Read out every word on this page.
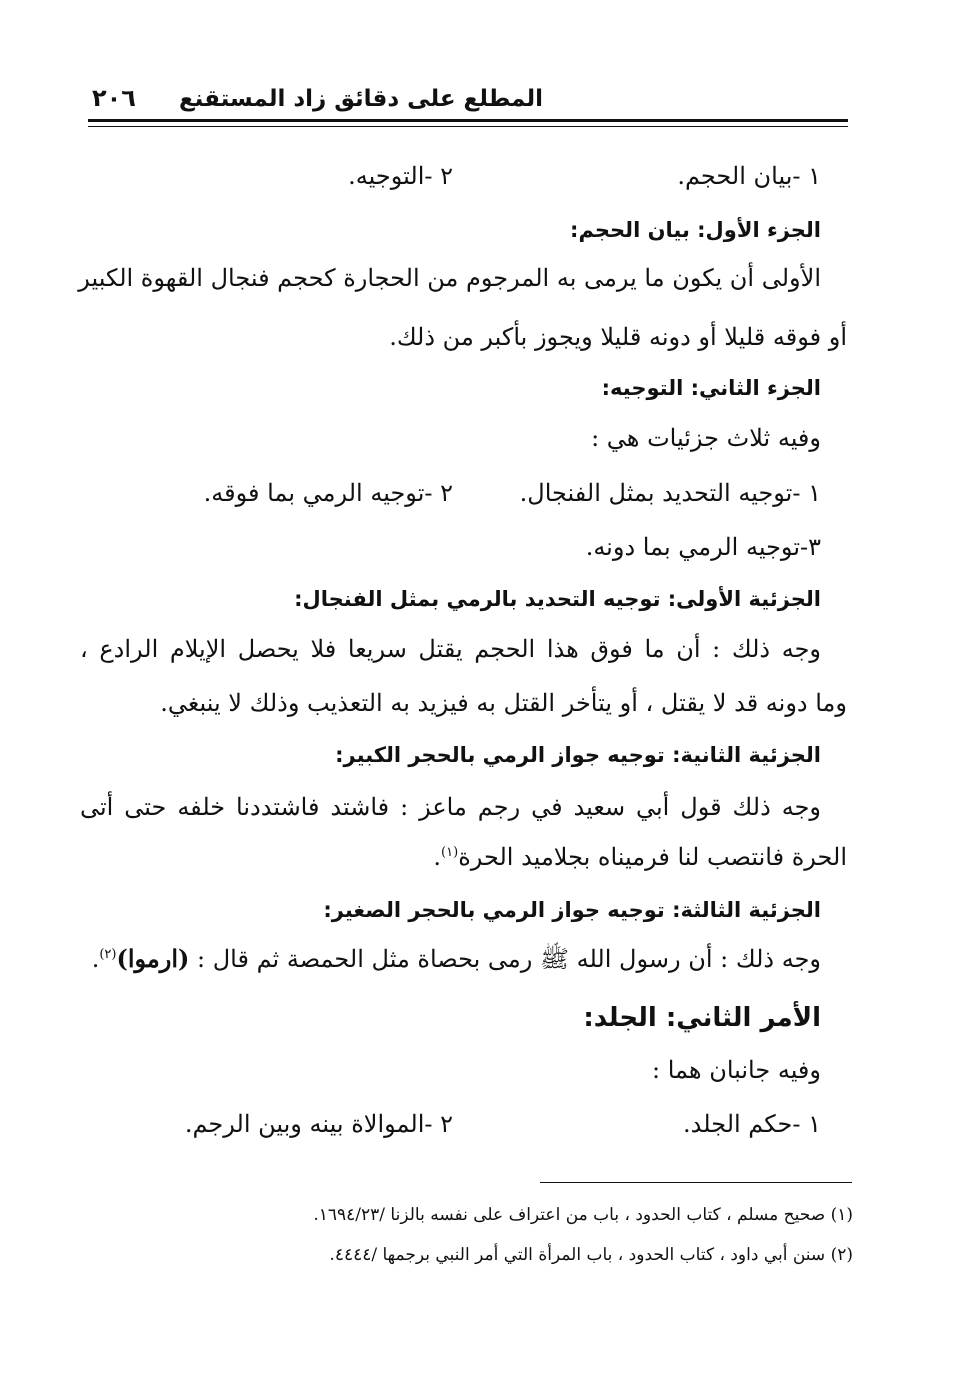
المطلع على دقائق زاد المستقنع
٢٠٦
١ -بيان الحجم.
٢ -التوجيه.
الجزء الأول: بيان الحجم:
الأولى أن يكون ما يرمى به المرجوم من الحجارة كحجم فنجال القهوة الكبير
أو فوقه قليلا أو دونه قليلا ويجوز بأكبر من ذلك.
الجزء الثاني: التوجيه:
وفيه ثلاث جزئيات هي :
١ -توجيه التحديد بمثل الفنجال.
٢ -توجيه الرمي بما فوقه.
٣-توجيه الرمي بما دونه.
الجزئية الأولى: توجيه التحديد بالرمي بمثل الفنجال:
وجه ذلك : أن ما فوق هذا الحجم يقتل سريعا فلا يحصل الإيلام الرادع ،
وما دونه قد لا يقتل ، أو يتأخر القتل به فيزيد به التعذيب وذلك لا ينبغي.
الجزئية الثانية: توجيه جواز الرمي بالحجر الكبير:
وجه ذلك قول أبي سعيد في رجم ماعز : فاشتد فاشتددنا خلفه حتى أتى
الحرة فانتصب لنا فرميناه بجلاميد الحرة$^{(١)}$.
الجزئية الثالثة: توجيه جواز الرمي بالحجر الصغير:
وجه ذلك : أن رسول الله ﷺ رمى بحصاة مثل الحمصة ثم قال : (ارموا)$^{(٢)}$.
الأمر الثاني: الجلد:
وفيه جانبان هما :
١ -حكم الجلد.
٢ -الموالاة بينه وبين الرجم.
(١) صحيح مسلم ، كتاب الحدود ، باب من اعتراف على نفسه بالزنا /١٦٩٤/٢٣.
(٢) سنن أبي داود ، كتاب الحدود ، باب المرأة التي أمر النبي برجمها /٤٤٤٤.
